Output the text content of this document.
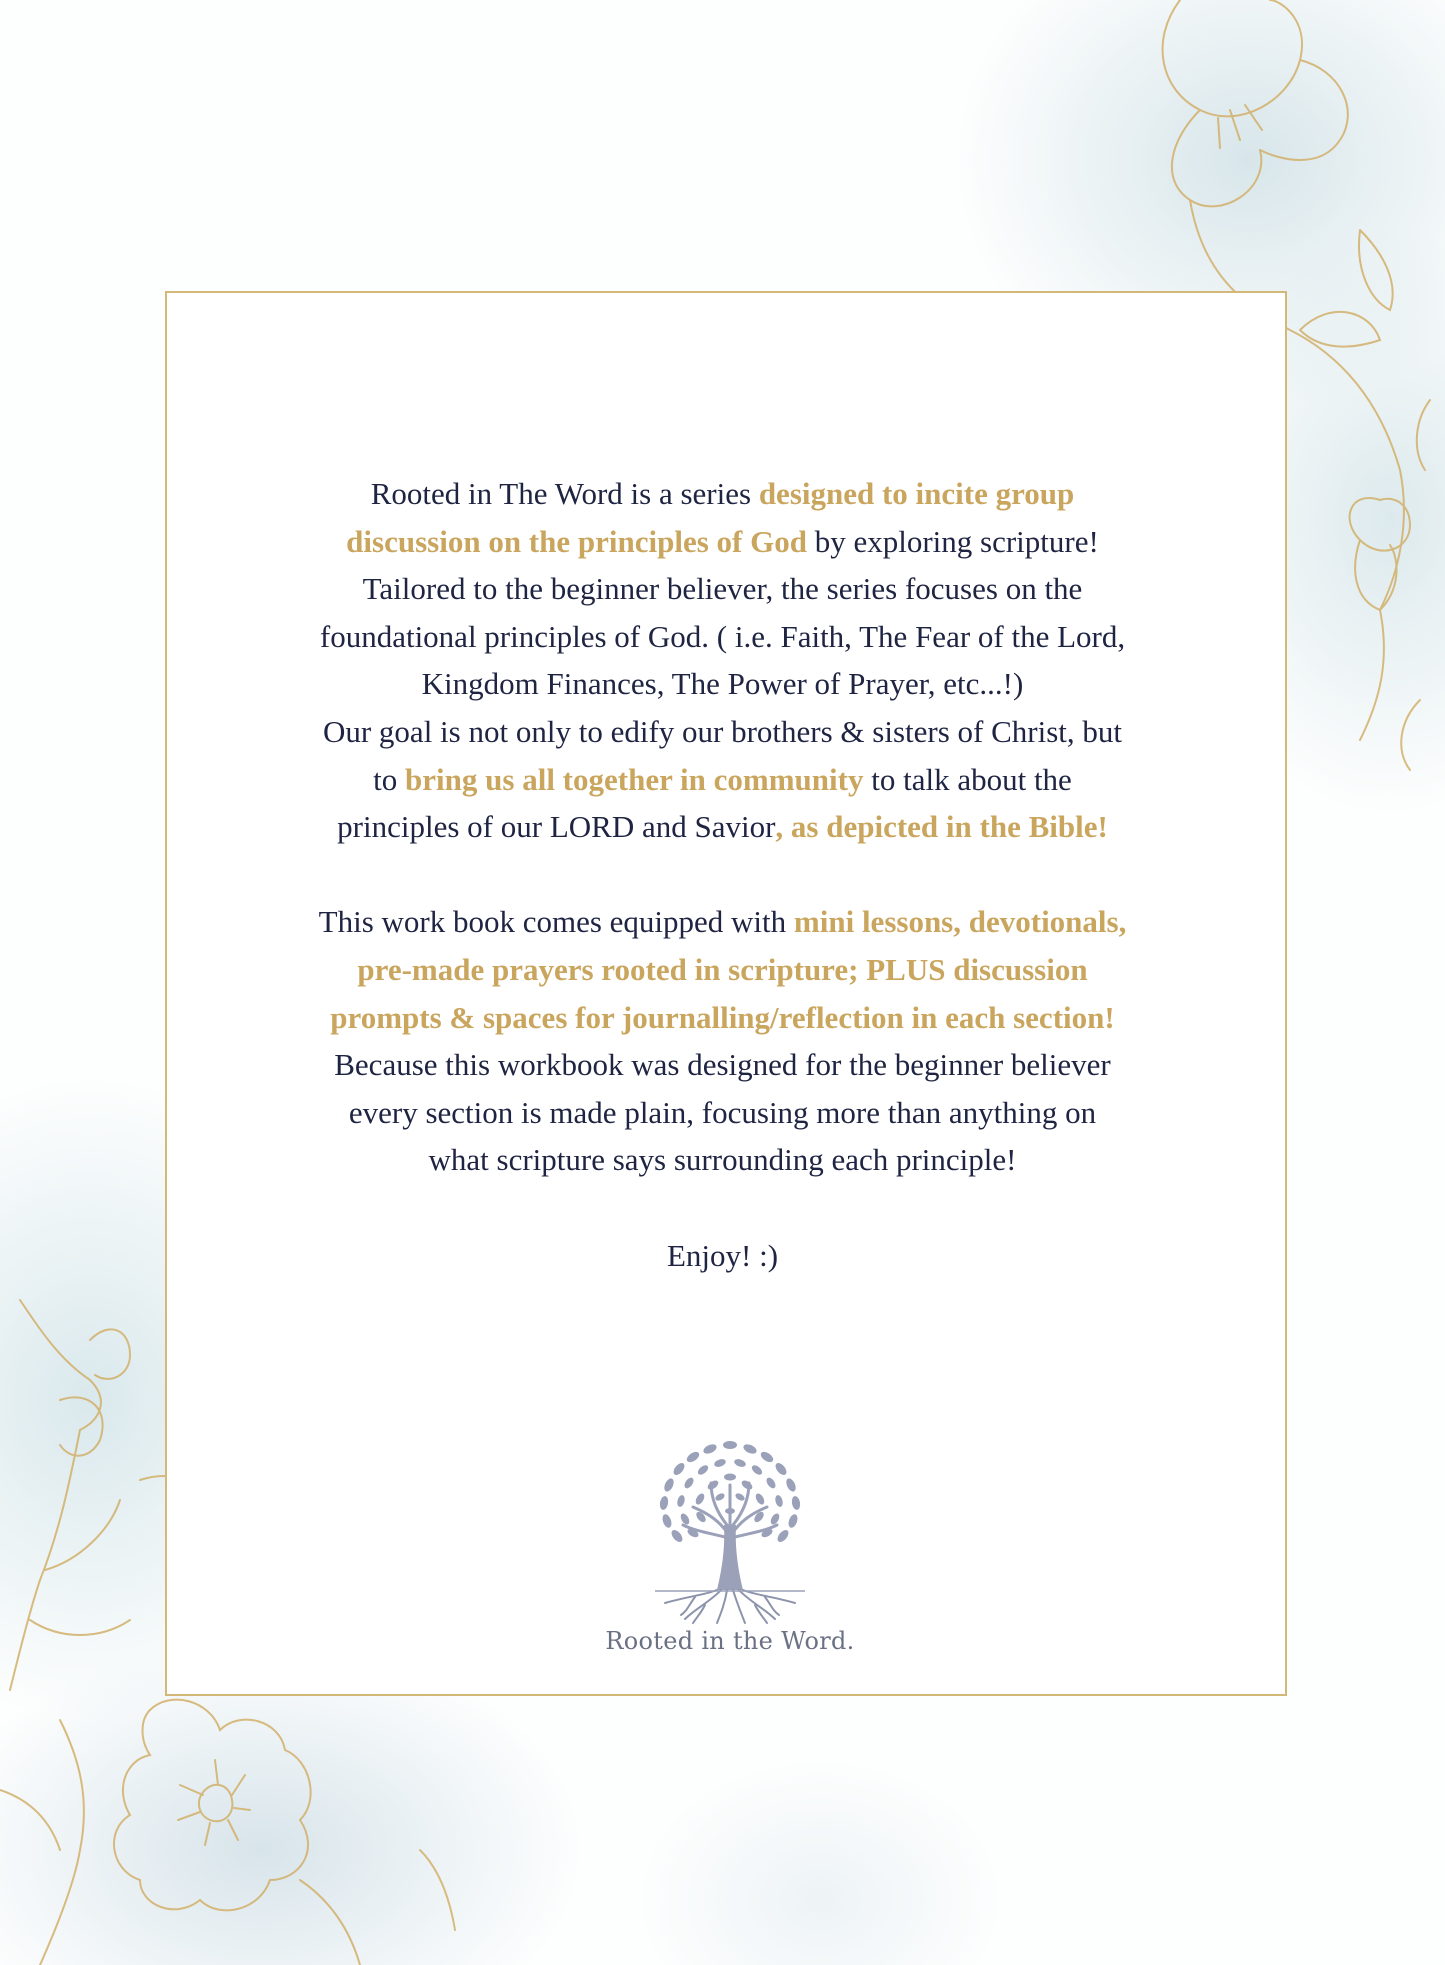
Rooted in The Word is a series designed to incite group

discussion on the principles of God by exploring scripture!

Tailored to the beginner believer, the series focuses on the

foundational principles of God. ( i.e. Faith, The Fear of the Lord,

Kingdom Finances, The Power of Prayer, etc...!)

Our goal is not only to edify our brothers & sisters of Christ, but

to bring us all together in community to talk about the

principles of our LORD and Savior, as depicted in the Bible!

This work book comes equipped with mini lessons, devotionals,

pre-made prayers rooted in scripture; PLUS discussion

prompts & spaces for journalling/reflection in each section!

Because this workbook was designed for the beginner believer

every section is made plain, focusing more than anything on

what scripture says surrounding each principle!

Enjoy! :)

Rooted in the Word.
